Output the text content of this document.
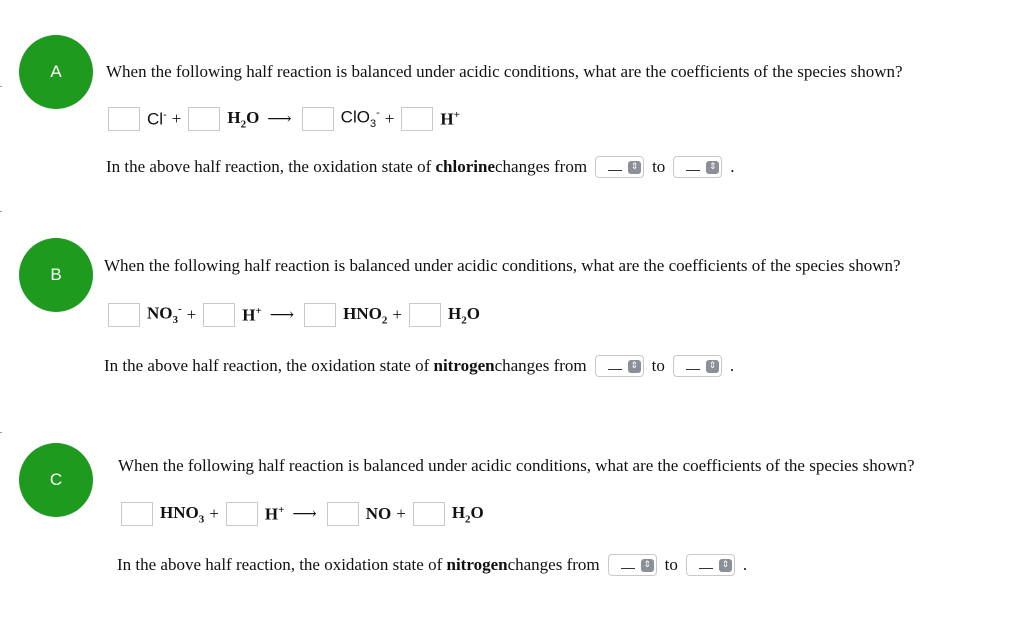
A	When the following half reaction is balanced under acidic conditions, what are the coefficients of the species shown?
Cl- +	$H_2O$ ⟶	ClO$_3$- +	H+
In the above half reaction, the oxidation state of
chlorine changes from	⇕ to	⇕ .
B	When the following half reaction is balanced under acidic conditions, what are the coefficients of the species shown?
$NO_3^-$ +	H+ ⟶	$HNO_2$ +	$H_2O$
In the above half reaction, the oxidation state of
nitrogen changes from	⇕ to	⇕ .
C
When the following half reaction is balanced under acidic conditions, what are the coefficients of the species shown?
$HNO_3$ +	H+ ⟶	NO +	$H_2O$
In the above half reaction, the oxidation state of
nitrogen changes from	⇕ to	⇕ .
